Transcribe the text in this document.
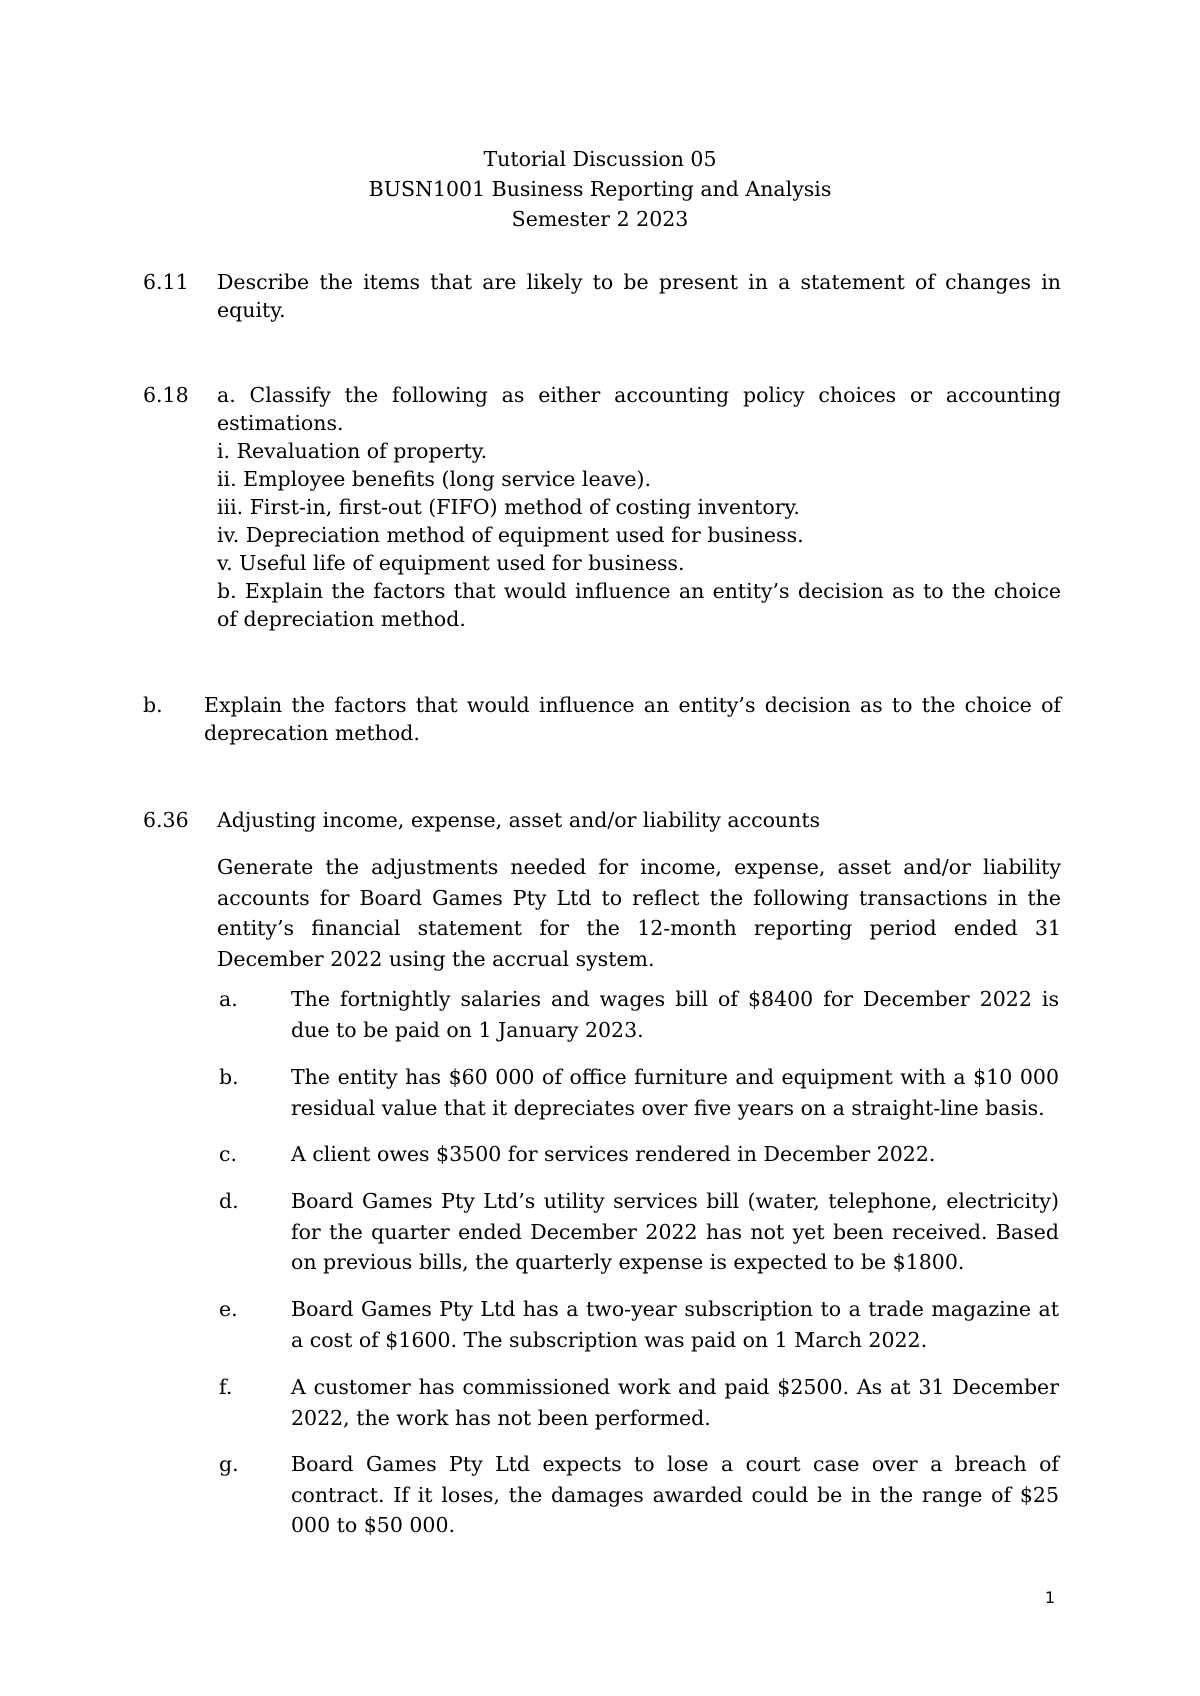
Tutorial Discussion 05
BUSN1001 Business Reporting and Analysis
Semester 2 2023
6.11 Describe the items that are likely to be present in a statement of changes in equity.
6.18 a. Classify the following as either accounting policy choices or accounting estimations.

i. Revaluation of property.

ii. Employee benefits (long service leave).

iii. First-in, first-out (FIFO) method of costing inventory.

iv. Depreciation method of equipment used for business.

v. Useful life of equipment used for business.

b. Explain the factors that would influence an entity’s decision as to the choice of depreciation method.

b. Explain the factors that would influence an entity’s decision as to the choice of deprecation method.
6.36 Adjusting income, expense, asset and/or liability accounts
Generate the adjustments needed for income, expense, asset and/or liability accounts for Board Games Pty Ltd to reflect the following transactions in the entity’s financial statement for the 12-month reporting period ended 31 December 2022 using the accrual system.
a.	The fortnightly salaries and wages bill of $8400 for December 2022 is due to be paid on 1 January 2023.
b.	The entity has $60 000 of office furniture and equipment with a $10 000 residual value that it depreciates over five years on a straight-line basis.
c.	A client owes $3500 for services rendered in December 2022.
d.	Board Games Pty Ltd’s utility services bill (water, telephone, electricity) for the quarter ended December 2022 has not yet been received. Based on previous bills, the quarterly expense is expected to be $1800.
e.	Board Games Pty Ltd has a two-year subscription to a trade magazine at a cost of $1600. The subscription was paid on 1 March 2022.
f.	A customer has commissioned work and paid $2500. As at 31 December 2022, the work has not been performed.
g.	Board Games Pty Ltd expects to lose a court case over a breach of contract. If it loses, the damages awarded could be in the range of $25 000 to $50 000.
1
